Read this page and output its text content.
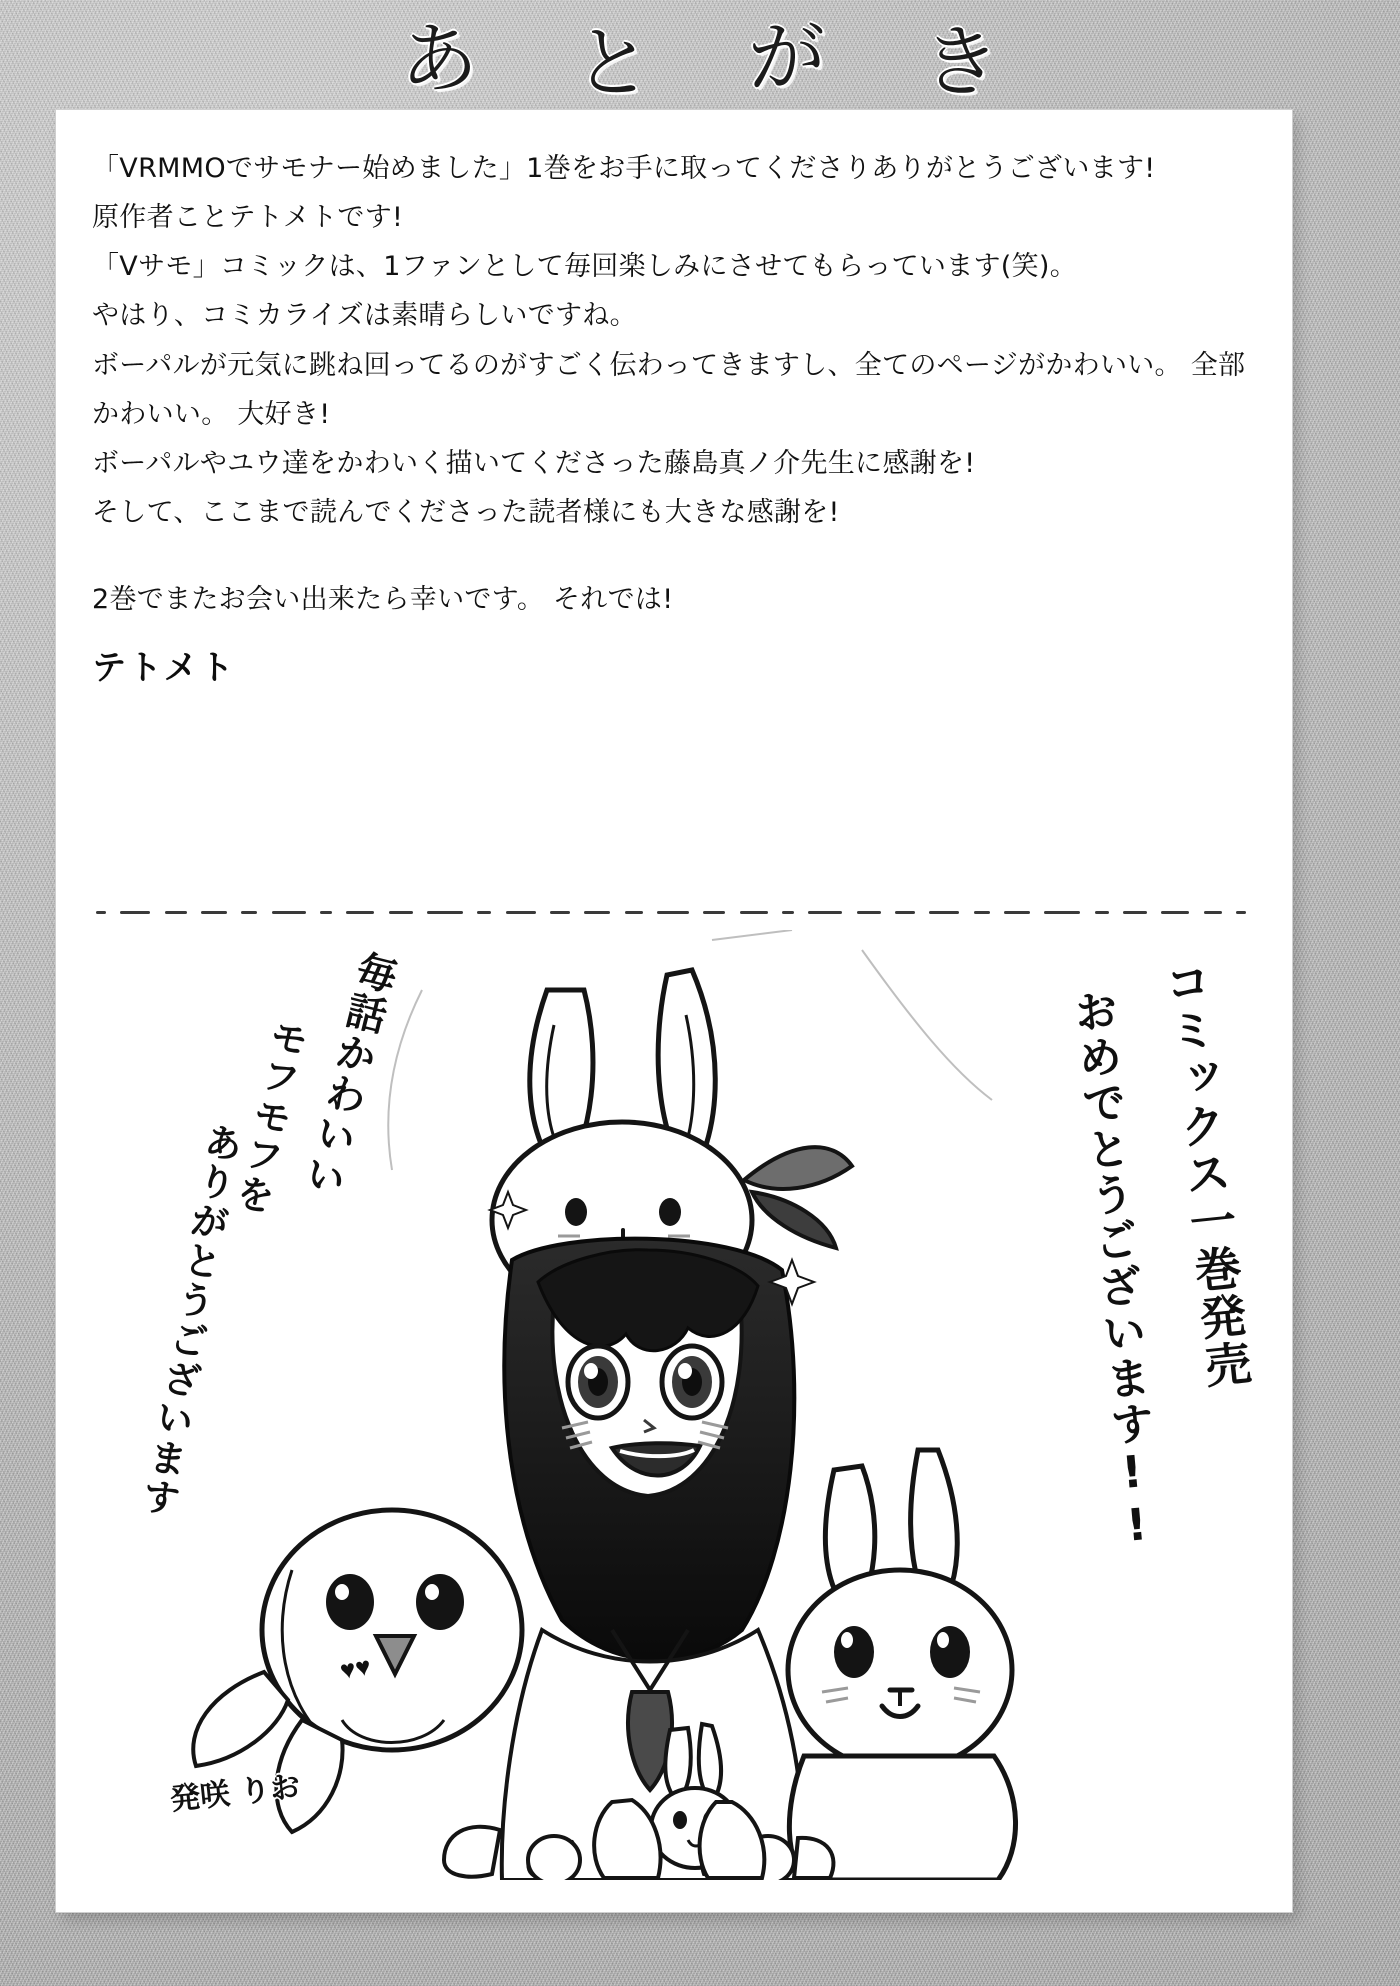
あ と が き

「VRMMOでサモナー始めました」1巻をお手に取ってくださりありがとうございます!

原作者ことテトメトです!

「Vサモ」コミックは、1ファンとして毎回楽しみにさせてもらっています(笑)。

やはり、コミカライズは素晴らしいですね。

ボーパルが元気に跳ね回ってるのがすごく伝わってきますし、全てのページがかわいい。 全部かわいい。 大好き!

ボーパルやユウ達をかわいく描いてくださった藤島真ノ介先生に感謝を!

そして、ここまで読んでくださった読者様にも大きな感謝を!

2巻でまたお会い出来たら幸いです。 それでは!

テトメト
毎話かわいい
モフモフを
ありがとうございます	コミックス一巻発売
おめでとうございます!!
♥♥
発咲 りお
